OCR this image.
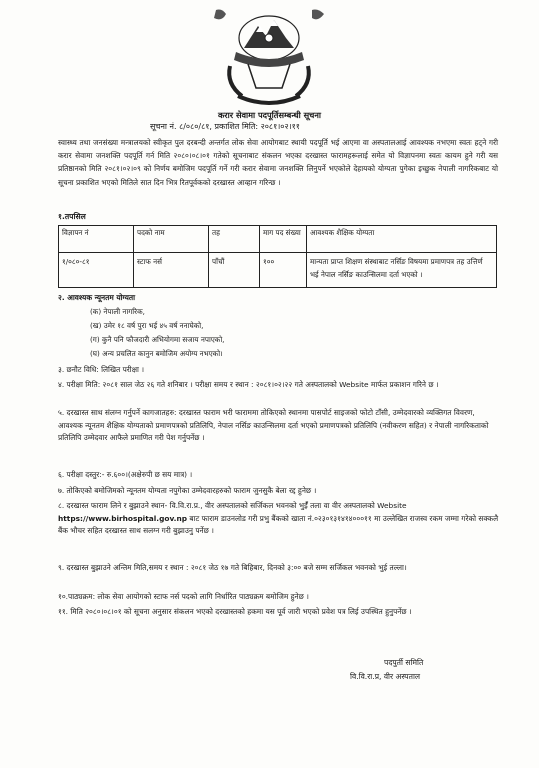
करार सेवामा पदपूर्तिसम्बन्धी सूचना
सूचना नं. ८/०८०/८१, प्रकाशित मिति: २०८१।०२।११
स्वास्थ्य तथा जनसंख्या मन्त्रालयको स्वीकृत पुल दरबन्दी अन्तर्गत लोक सेवा आयोगबाट स्थायी पदपूर्ति भई आएमा वा अस्पतालआई आवश्यक नभएमा स्वतः हट्ने गरी करार सेवामा जनशक्ति पदपूर्ति गर्न मिति २०८०।०८।०१ गतेको सूचनाबाट संकलन भएका दरखास्त फारामहरूलाई समेत यो विज्ञापनमा स्वतः कायम हुने गरी यस प्रतिष्ठानको मिति २०८१।०२।०९ को निर्णय बमोजिम पदपूर्ति गर्ने गरी करार सेवामा जनशक्ति लिनुपर्ने भएकोले देहायको योग्यता पुगेका इच्छुक नेपाली नागरिकबाट यो सूचना प्रकाशित भएको मितिले सात दिन भित्र रितपूर्वकको दरखास्त आव्हान गरिन्छ ।
१.तपसिल
विज्ञापन नं	पदको नाम	तह	माग पद संख्या	आवश्यक शैक्षिक योग्यता
१/०८०-८१	स्टाफ नर्स	पाँचौं	१००	मान्यता प्राप्त शिक्षण संस्थाबाट नर्सिङ विषयमा प्रमाणपत्र तह उत्तिर्ण भई नेपाल नर्सिङ काउन्सिलमा दर्ता भएको ।
२. आवश्यक न्यूनतम योग्यता
(क) नेपाली नागरिक,
(ख) उमेर १८ वर्ष पुरा भई ४५ वर्ष ननाघेको,
(ग) कुनै पनि फौजदारी अभियोगमा सजाय नपाएको,
(घ) अन्य प्रचलित कानुन बमोजिम अयोग्य नभएको।
३. छनौट विधि: लिखित परीक्षा ।
४. परीक्षा मिति: २०८१ साल जेठ २६ गते शनिबार । परीक्षा समय र स्थान : २०८१।०२।२२ गते अस्पतालको Website मार्फत प्रकाशन गरिने छ ।
५. दरखास्त साथ संलग्न गर्नुपर्ने कागजातहरु: दरखास्त फाराम भरी फाराममा तोकिएको स्थानमा पासपोर्ट साइजको फोटो टाँसी, उम्मेदवारको व्यक्तिगत विवरण, आवश्यक न्यूनतम शैक्षिक योग्यताको प्रमाणपत्रको प्रतिलिपि, नेपाल नर्सिङ काउन्सिलमा दर्ता भएको प्रमाणपत्रको प्रतिलिपि (नवीकरण सहित) र नेपाली नागरिकताको प्रतिलिपि उम्मेदवार आफैले प्रमाणित गरी पेश गर्नुपर्नेछ ।
६. परीक्षा दस्तुर:- रु.६००।(अक्षेरुपी छ सय मात्र) ।
७. तोकिएको बमोजिमको न्यूनतम योग्यता नपुगेका उम्मेदवारहरुको फाराम जुनसुकै बेला रद्द हुनेछ ।
८. दरखास्त फाराम लिने र बुझाउने स्थान- वि.वि.रा.प्र., वीर अस्पतालको सर्जिकल भवनको भुईँ तला वा वीर अस्पतालको Website https://www.birhospital.gov.np बाट फाराम डाउनलोड गरी प्रभु बैंकको खाता नं.०२३०१३१४१४०००११ मा उल्लेखित राजस्व रकम जम्मा गरेको सक्कलै बैंक भौचर सहित दरखास्त साथ सलग्न गरी बुझाउनु पर्नेछ ।
९. दरखास्त बुझाउने अन्तिम मिति,समय र स्थान : २०८१ जेठ १७ गते बिहिबार, दिनको ३:०० बजे सम्म सर्जिकल भवनको भुई तल्ला।
१०.पाठ्यक्रम: लोक सेवा आयोगको स्टाफ नर्स पदको लागि निर्धारित पाठ्यक्रम बमोजिम हुनेछ ।
११. मिति २०८०।०८।०१ को सूचना अनुसार संकलन भएको दरखास्तको हकमा यस पूर्व जारी भएको प्रवेश पत्र लिई उपस्थित हुनुपर्नेछ ।
पदपुर्ती समिति
वि.वि.रा.प्र, वीर अस्पताल
